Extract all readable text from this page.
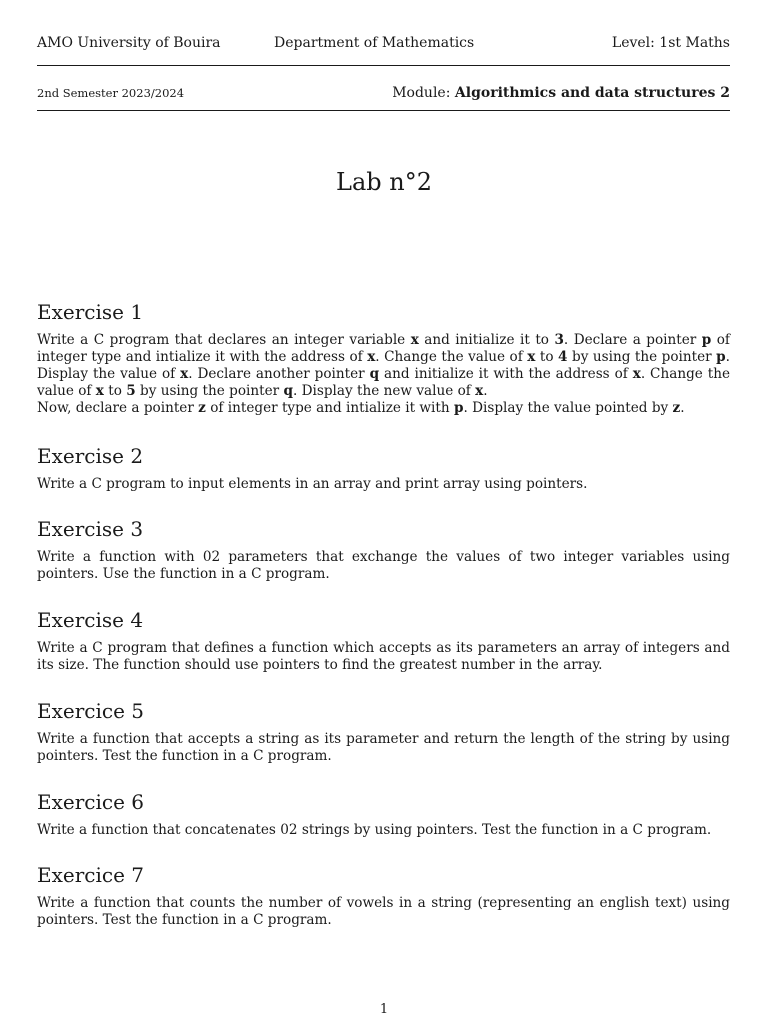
AMO University of Bouira	Department of Mathematics	Level: 1st Maths
2nd Semester 2023/2024	Module: Algorithmics and data structures 2
Lab n°2
Exercise 1
Write a C program that declares an integer variable x and initialize it to 3. Declare a pointer p of integer type and intialize it with the address of x. Change the value of x to 4 by using the pointer p. Display the value of x. Declare another pointer q and initialize it with the address of x. Change the value of x to 5 by using the pointer q. Display the new value of x.
Now, declare a pointer z of integer type and intialize it with p. Display the value pointed by z.
Exercise 2
Write a C program to input elements in an array and print array using pointers.
Exercise 3
Write a function with 02 parameters that exchange the values of two integer variables using pointers. Use the function in a C program.
Exercise 4
Write a C program that defines a function which accepts as its parameters an array of integers and its size. The function should use pointers to find the greatest number in the array.
Exercice 5
Write a function that accepts a string as its parameter and return the length of the string by using pointers. Test the function in a C program.
Exercice 6
Write a function that concatenates 02 strings by using pointers. Test the function in a C program.
Exercice 7
Write a function that counts the number of vowels in a string (representing an english text) using pointers. Test the function in a C program.
1
